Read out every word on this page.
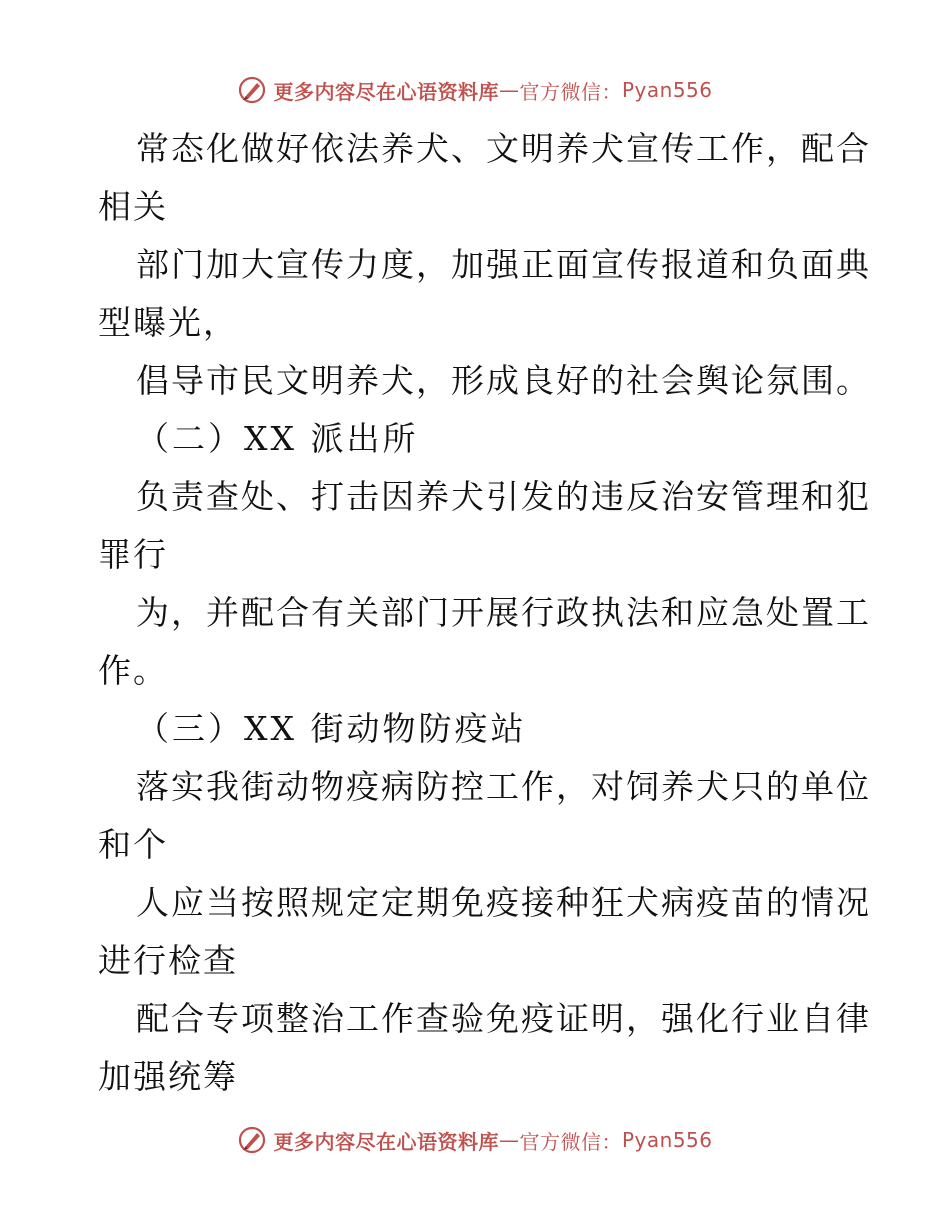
更多内容尽在心语资料库 — 官方微信： Pyan556
常态化做好依法养犬、文明养犬宣传工作，配合
相关
部门加大宣传力度，加强正面宣传报道和负面典
型曝光，
倡导市民文明养犬，形成良好的社会舆论氛围。
（二）XX 派出所
负责查处、打击因养犬引发的违反治安管理和犯
罪行
为，并配合有关部门开展行政执法和应急处置工
作。
（三）XX 街动物防疫站
落实我街动物疫病防控工作，对饲养犬只的单位
和个
人应当按照规定定期免疫接种狂犬病疫苗的情况
进行检查
配合专项整治工作查验免疫证明，强化行业自律
加强统筹
更多内容尽在心语资料库 — 官方微信： Pyan556
